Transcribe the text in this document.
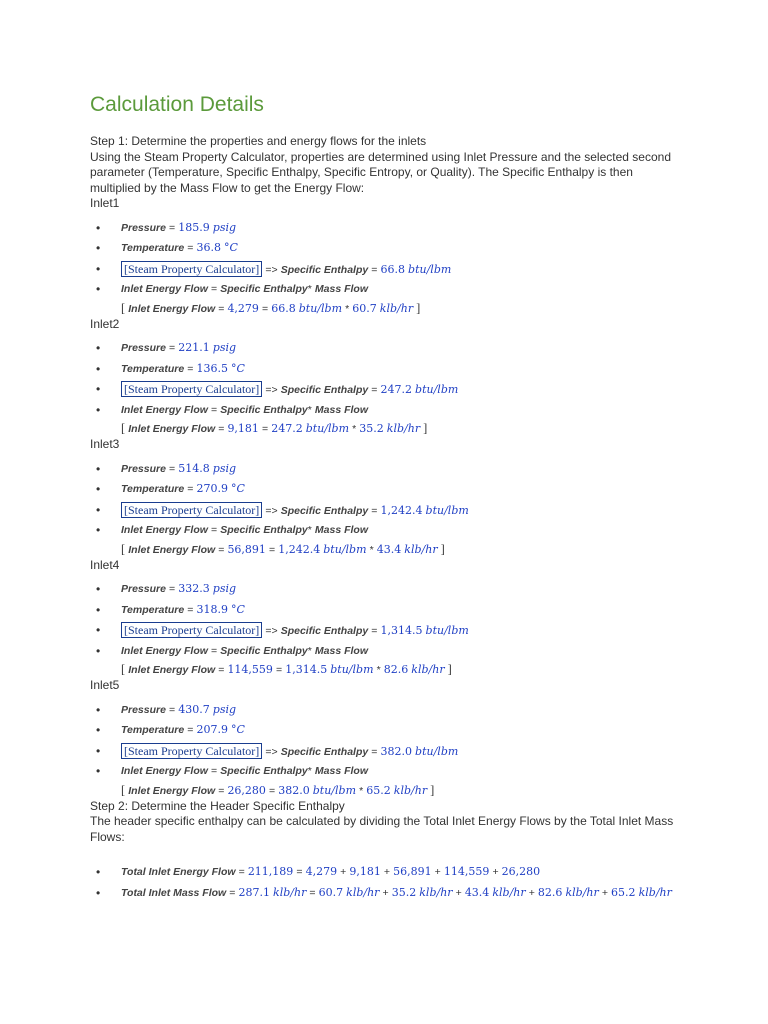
Calculation Details

Step 1: Determine the properties and energy flows for the inlets

Using the Steam Property Calculator, properties are determined using Inlet Pressure and the selected second

parameter (Temperature, Specific Enthalpy, Specific Entropy, or Quality). The Specific Enthalpy is then

multiplied by the Mass Flow to get the Energy Flow:

Inlet1

• Pressure = 185.9 psig
• Temperature = 36.8 °C
• [Steam Property Calculator] => Specific Enthalpy = 66.8 btu/lbm
• Inlet Energy Flow = Specific Enthalpy* Mass Flow
[ Inlet Energy Flow = 4,279 = 66.8 btu/lbm * 60.7 klb/hr ]

Inlet2

• Pressure = 221.1 psig
• Temperature = 136.5 °C
• [Steam Property Calculator] => Specific Enthalpy = 247.2 btu/lbm
• Inlet Energy Flow = Specific Enthalpy* Mass Flow
[ Inlet Energy Flow = 9,181 = 247.2 btu/lbm * 35.2 klb/hr ]

Inlet3

• Pressure = 514.8 psig
• Temperature = 270.9 °C
• [Steam Property Calculator] => Specific Enthalpy = 1,242.4 btu/lbm
• Inlet Energy Flow = Specific Enthalpy* Mass Flow
[ Inlet Energy Flow = 56,891 = 1,242.4 btu/lbm * 43.4 klb/hr ]

Inlet4

• Pressure = 332.3 psig
• Temperature = 318.9 °C
• [Steam Property Calculator] => Specific Enthalpy = 1,314.5 btu/lbm
• Inlet Energy Flow = Specific Enthalpy* Mass Flow
[ Inlet Energy Flow = 114,559 = 1,314.5 btu/lbm * 82.6 klb/hr ]

Inlet5

• Pressure = 430.7 psig
• Temperature = 207.9 °C
• [Steam Property Calculator] => Specific Enthalpy = 382.0 btu/lbm
• Inlet Energy Flow = Specific Enthalpy* Mass Flow
[ Inlet Energy Flow = 26,280 = 382.0 btu/lbm * 65.2 klb/hr ]

Step 2: Determine the Header Specific Enthalpy

The header specific enthalpy can be calculated by dividing the Total Inlet Energy Flows by the Total Inlet Mass

Flows:

• Total Inlet Energy Flow = 211,189 = 4,279 + 9,181 + 56,891 + 114,559 + 26,280
• Total Inlet Mass Flow = 287.1 klb/hr = 60.7 klb/hr + 35.2 klb/hr + 43.4 klb/hr + 82.6 klb/hr + 65.2 klb/hr
